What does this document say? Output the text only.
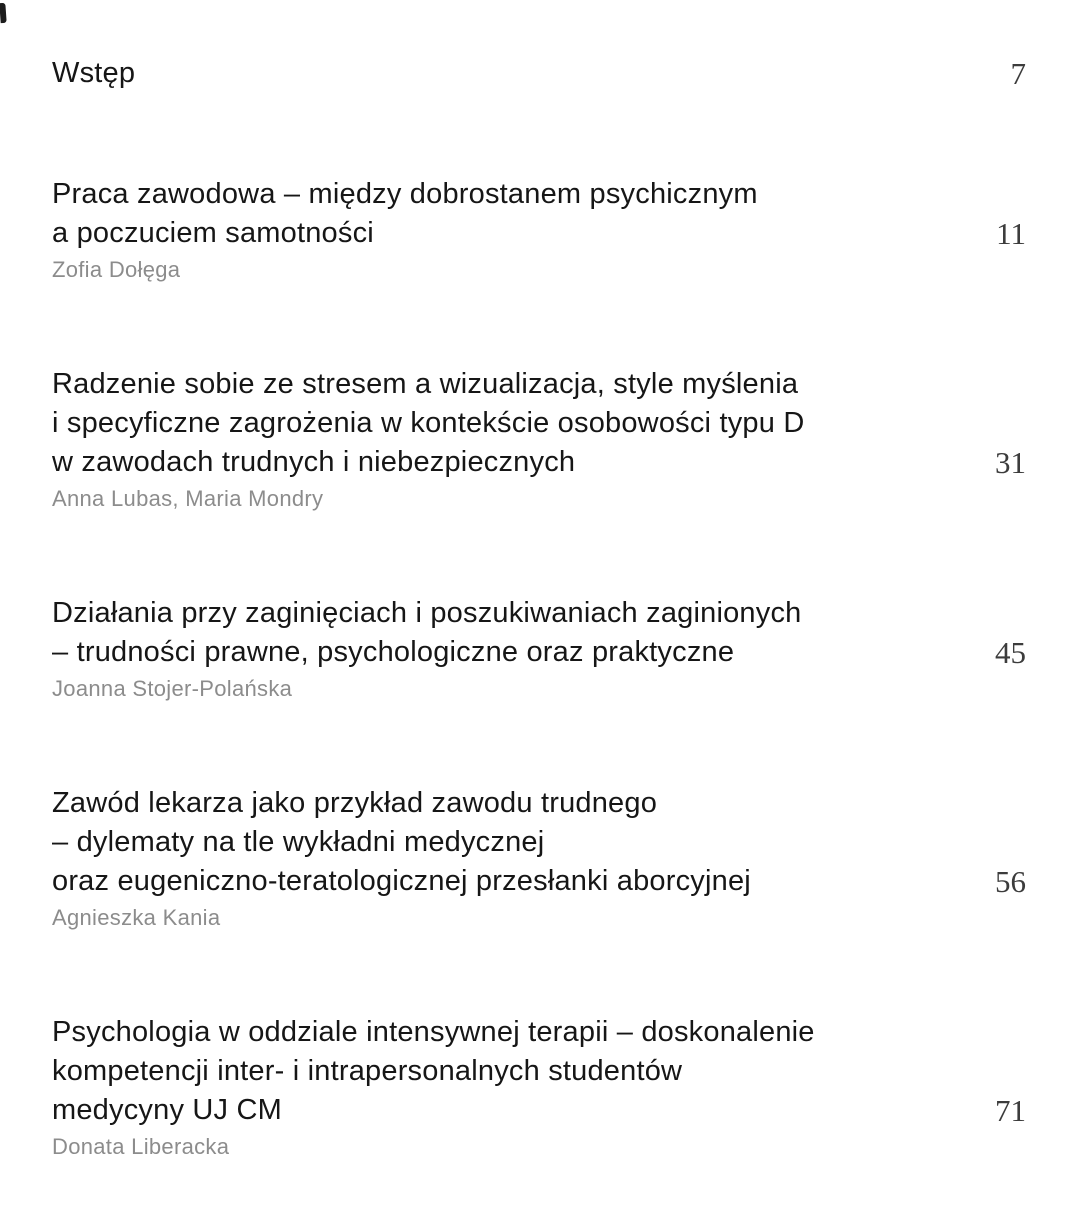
Wstęp	7
Praca zawodowa – między dobrostanem psychicznym
a poczuciem samotności	11
Zofia Dołęga
Radzenie sobie ze stresem a wizualizacja, style myślenia
i specyficzne zagrożenia w kontekście osobowości typu D
w zawodach trudnych i niebezpiecznych	31
Anna Lubas, Maria Mondry
Działania przy zaginięciach i poszukiwaniach zaginionych
– trudności prawne, psychologiczne oraz praktyczne	45
Joanna Stojer-Polańska
Zawód lekarza jako przykład zawodu trudnego
– dylematy na tle wykładni medycznej
oraz eugeniczno-teratologicznej przesłanki aborcyjnej	56
Agnieszka Kania
Psychologia w oddziale intensywnej terapii – doskonalenie
kompetencji inter- i intrapersonalnych studentów
medycyny UJ CM	71
Donata Liberacka
